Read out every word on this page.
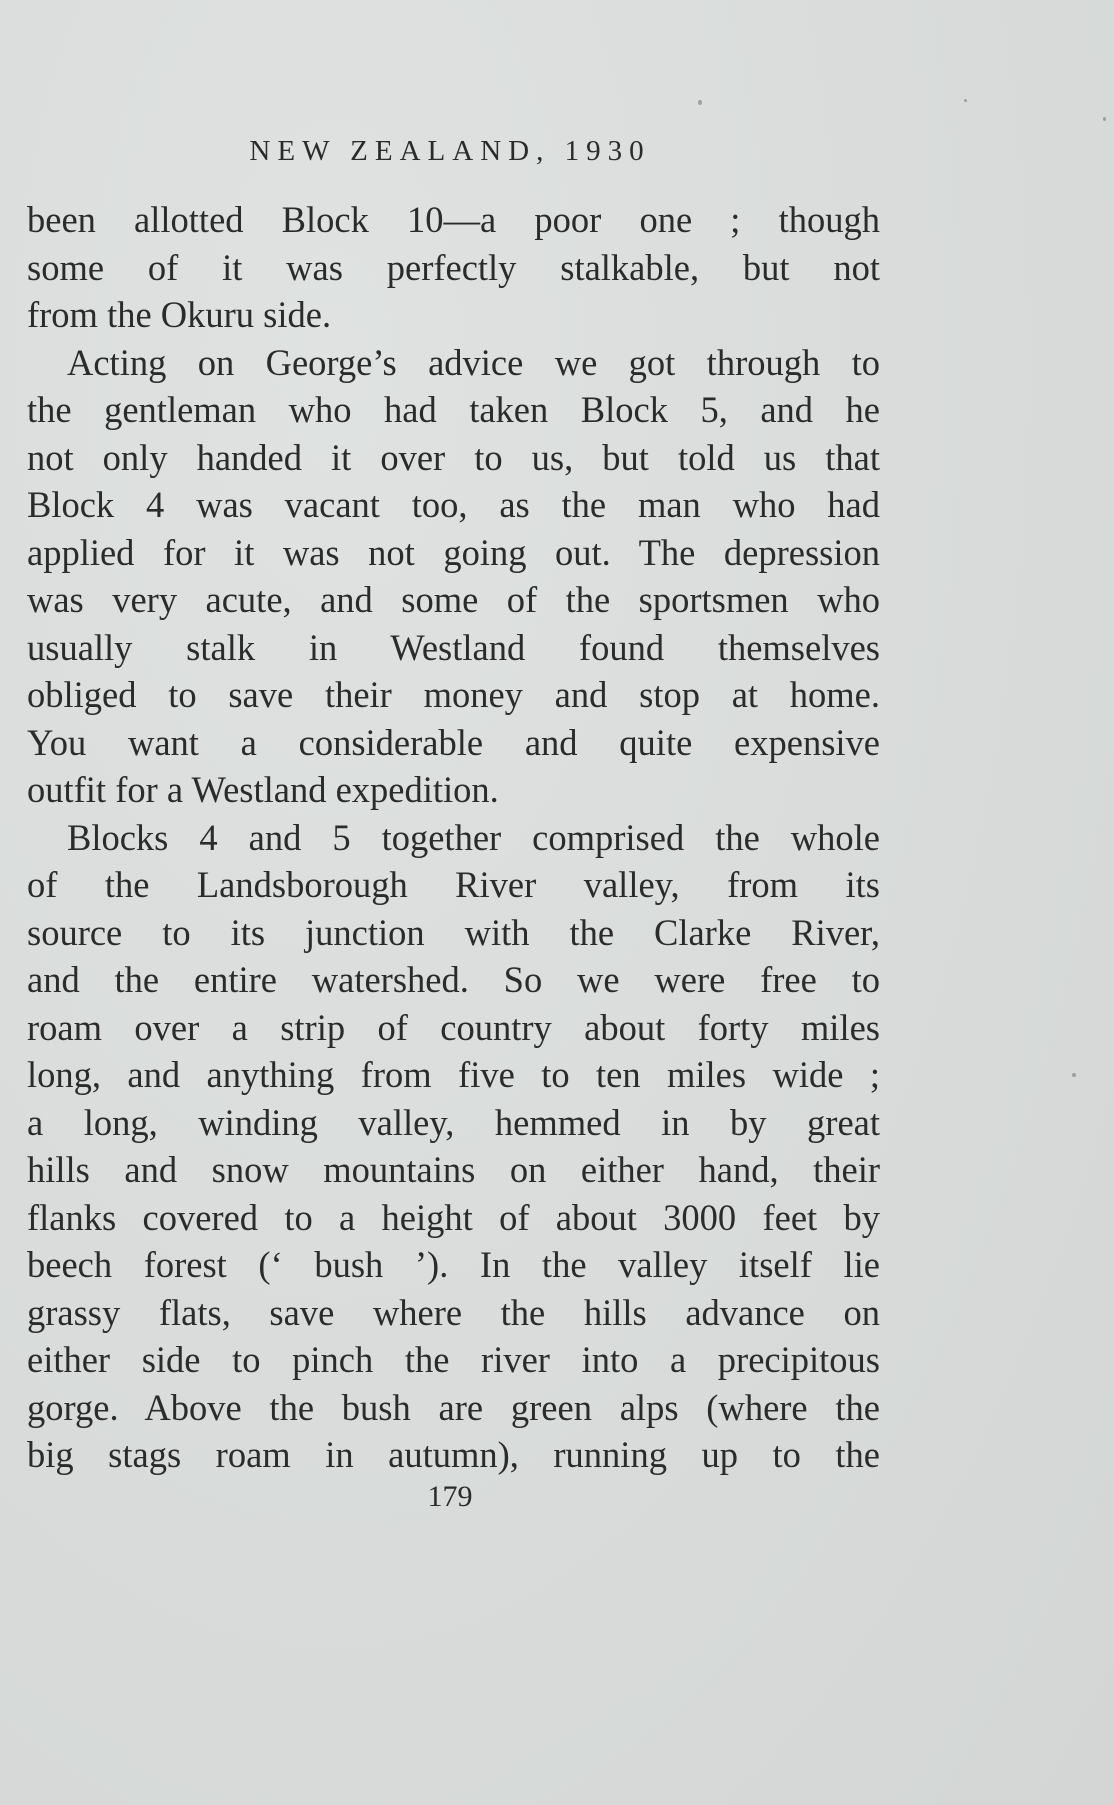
NEW ZEALAND, 1930
been allotted Block 10—a poor one ; though
some of it was perfectly stalkable, but not
from the Okuru side.
Acting on George’s advice we got through to
the gentleman who had taken Block 5, and he
not only handed it over to us, but told us that
Block 4 was vacant too, as the man who had
applied for it was not going out. The depression
was very acute, and some of the sportsmen who
usually stalk in Westland found themselves
obliged to save their money and stop at home.
You want a considerable and quite expensive
outfit for a Westland expedition.
Blocks 4 and 5 together comprised the whole
of the Landsborough River valley, from its
source to its junction with the Clarke River,
and the entire watershed. So we were free to
roam over a strip of country about forty miles
long, and anything from five to ten miles wide ;
a long, winding valley, hemmed in by great
hills and snow mountains on either hand, their
flanks covered to a height of about 3000 feet by
beech forest (‘ bush ’). In the valley itself lie
grassy flats, save where the hills advance on
either side to pinch the river into a precipitous
gorge. Above the bush are green alps (where the
big stags roam in autumn), running up to the
179
